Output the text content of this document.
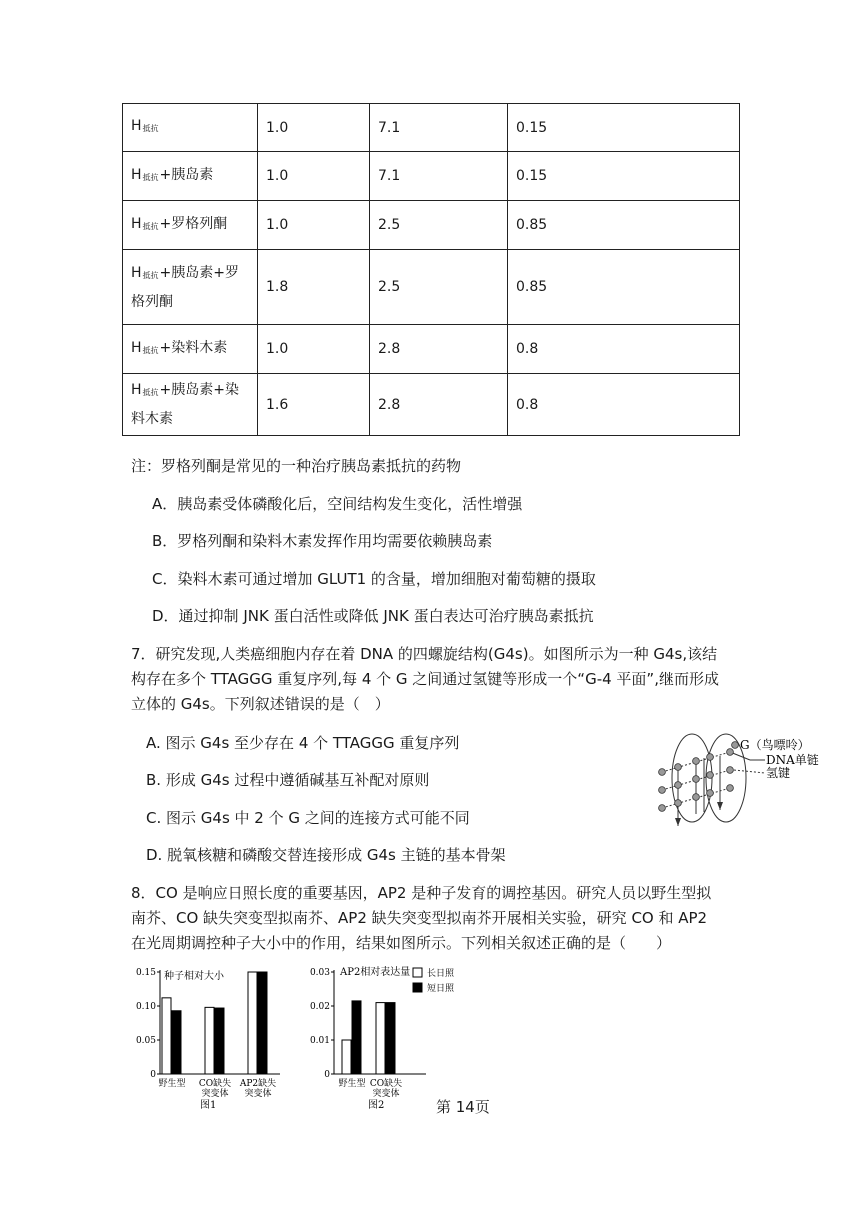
H抵抗	1.0	7.1	0.15
H抵抗+胰岛素	1.0	7.1	0.15
H抵抗+罗格列酮	1.0	2.5	0.85
H抵抗+胰岛素+罗格列酮	1.8	2.5	0.85
H抵抗+染料木素	1.0	2.8	0.8
H抵抗+胰岛素+染料木素	1.6	2.8	0.8
注：罗格列酮是常见的一种治疗胰岛素抵抗的药物
A．胰岛素受体磷酸化后，空间结构发生变化，活性增强
B．罗格列酮和染料木素发挥作用均需要依赖胰岛素
C．染料木素可通过增加 GLUT1 的含量，增加细胞对葡萄糖的摄取
D．通过抑制 JNK 蛋白活性或降低 JNK 蛋白表达可治疗胰岛素抵抗
7．研究发现,人类癌细胞内存在着 DNA 的四螺旋结构(G4s)。如图所示为一种 G4s,该结
构存在多个 TTAGGG 重复序列,每 4 个 G 之间通过氢键等形成一个“G-4 平面”,继而形成
立体的 G4s。下列叙述错误的是（　）
A. 图示 G4s 至少存在 4 个 TTAGGG 重复序列
B. 形成 G4s 过程中遵循碱基互补配对原则
C. 图示 G4s 中 2 个 G 之间的连接方式可能不同
D. 脱氧核糖和磷酸交替连接形成 G4s 主链的基本骨架
G（鸟嘌呤）
DNA单链
氢键
8．CO 是响应日照长度的重要基因，AP2 是种子发育的调控基因。研究人员以野生型拟
南芥、CO 缺失突变型拟南芥、AP2 缺失突变型拟南芥开展相关实验，研究 CO 和 AP2
在光周期调控种子大小中的作用，结果如图所示。下列相关叙述正确的是（　　）
0
0.05
0.10
0.15
野生型 CO缺失突变体
AP2缺失突变体
种子相对大小
图1
0
0.01
0.02
0.03
野生型 CO缺失突变体
AP2相对表达量 长日照
短日照
图2	第 14页
